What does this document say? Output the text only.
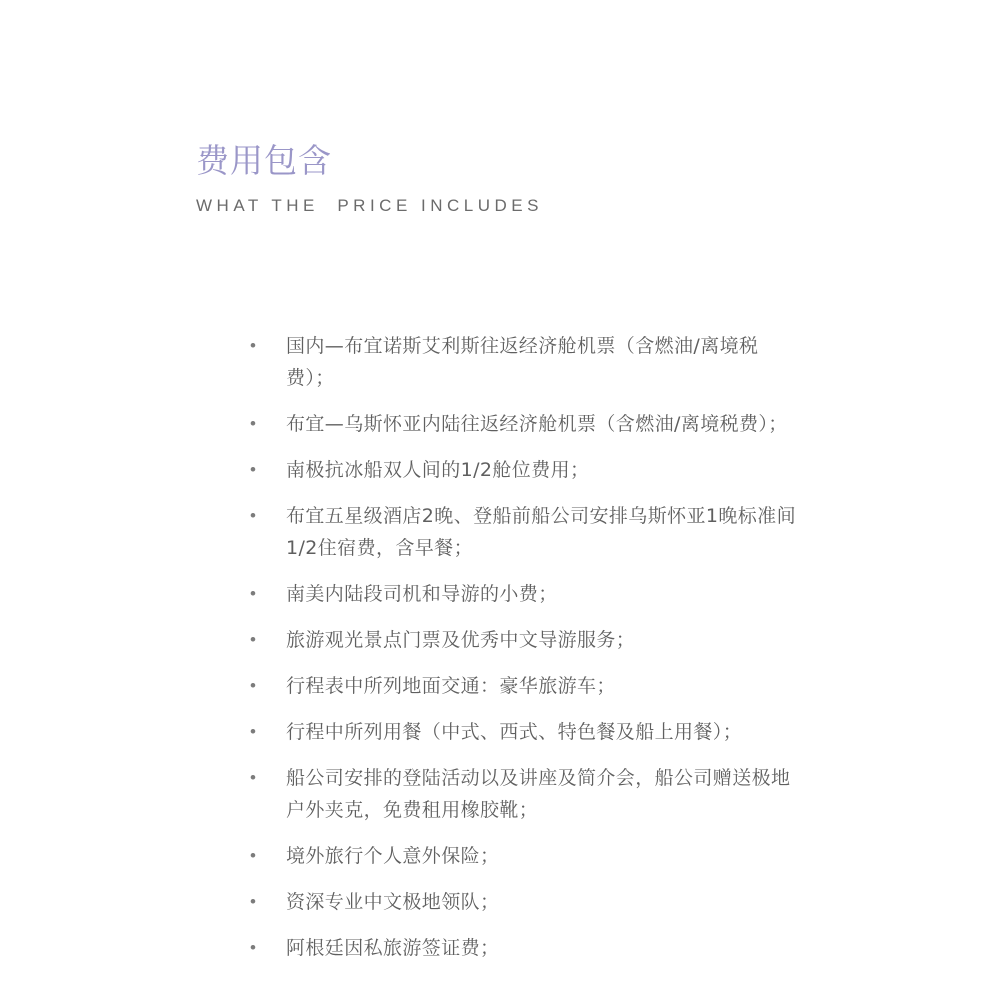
费用包含
WHAT THE  PRICE INCLUDES
•	国内—布宜诺斯艾利斯往返经济舱机票（含燃油/离境税费）；
•	布宜—乌斯怀亚内陆往返经济舱机票（含燃油/离境税费）；
•	南极抗冰船双人间的1/2舱位费用；
•	布宜五星级酒店2晚、登船前船公司安排乌斯怀亚1晚标准间1/2住宿费，含早餐；
•	南美内陆段司机和导游的小费；
•	旅游观光景点门票及优秀中文导游服务；
•	行程表中所列地面交通：豪华旅游车；
•	行程中所列用餐（中式、西式、特色餐及船上用餐）；
•	船公司安排的登陆活动以及讲座及简介会，船公司赠送极地户外夹克，免费租用橡胶靴；
•	境外旅行个人意外保险；
•	资深专业中文极地领队；
•	阿根廷因私旅游签证费；
